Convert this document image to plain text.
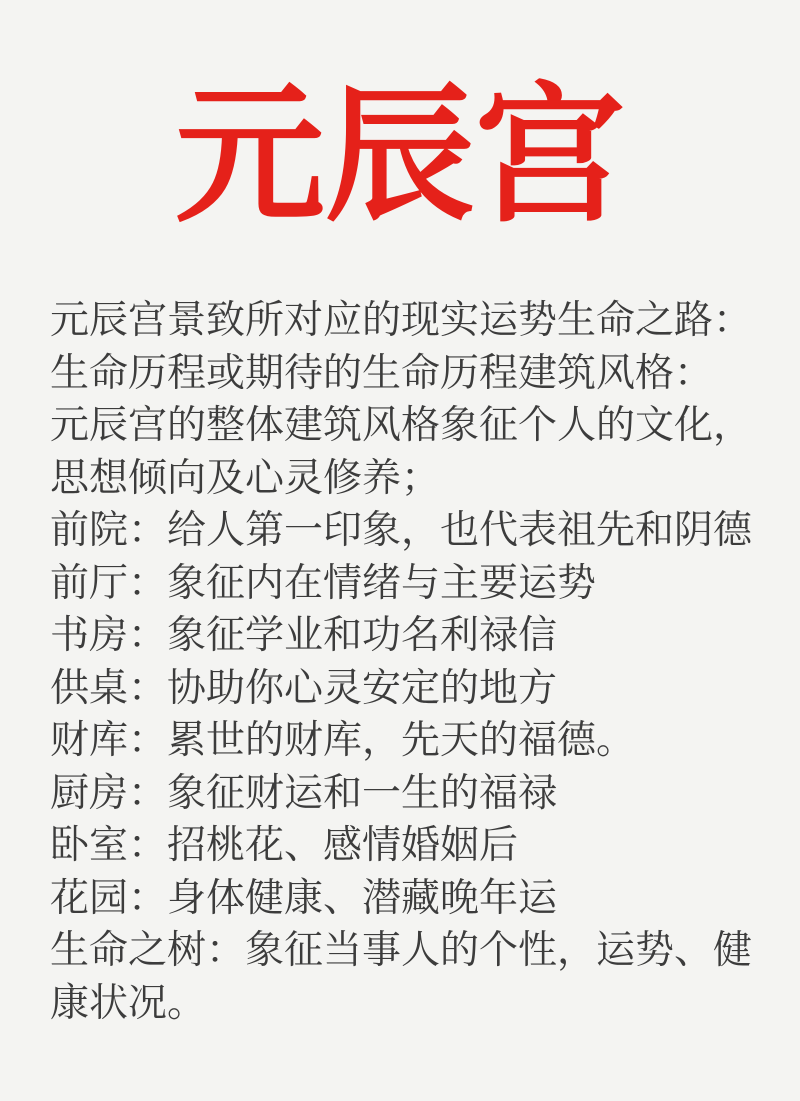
元辰宫

元辰宫景致所对应的现实运势生命之路：

生命历程或期待的生命历程建筑风格：

元辰宫的整体建筑风格象征个人的文化，

思想倾向及心灵修养；

前院：给人第一印象，也代表祖先和阴德

前厅：象征内在情绪与主要运势

书房：象征学业和功名利禄信

供桌：协助你心灵安定的地方

财库：累世的财库，先天的福德。

厨房：象征财运和一生的福禄

卧室：招桃花、感情婚姻后

花园：身体健康、潜藏晚年运

生命之树：象征当事人的个性，运势、健

康状况。
